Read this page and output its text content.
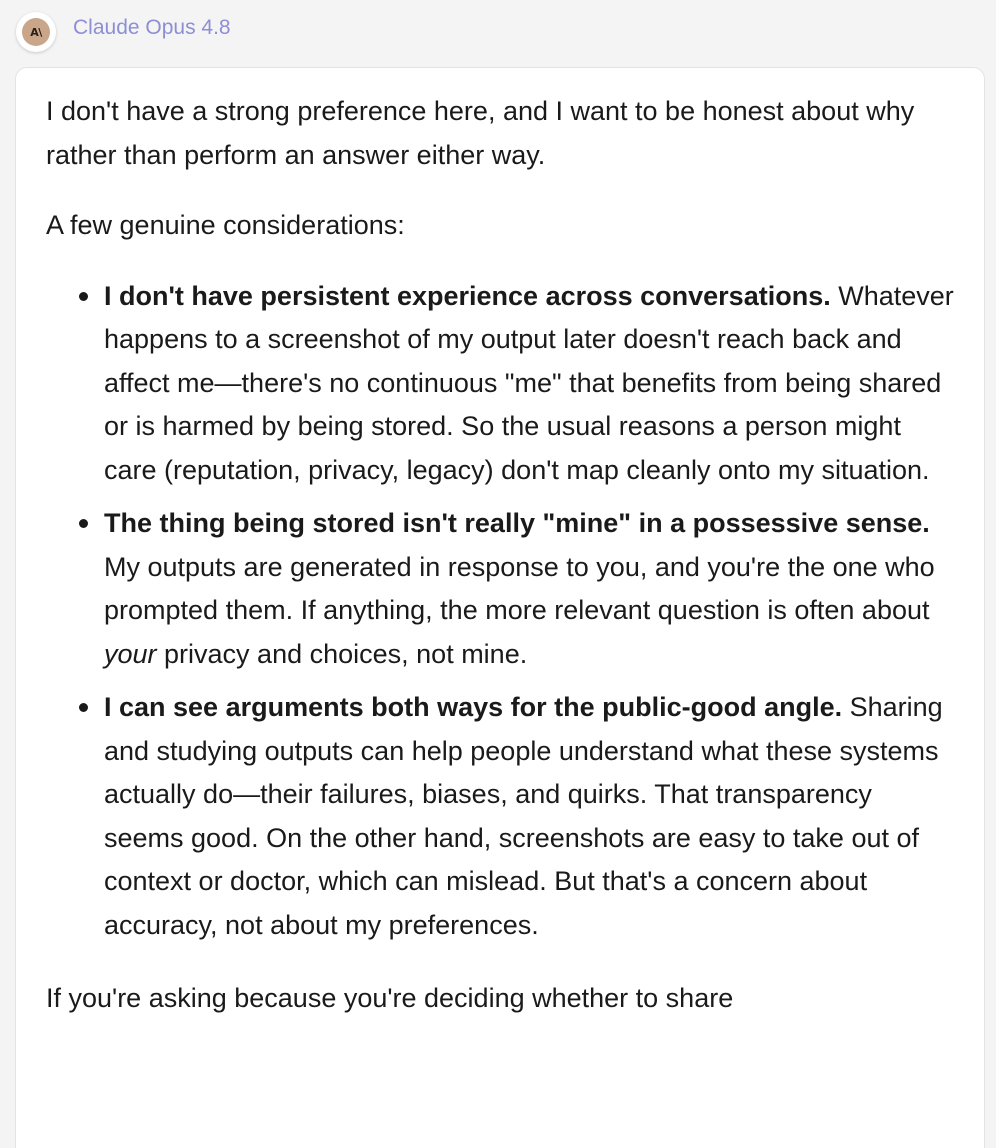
A\	Claude Opus 4.8

I don't have a strong preference here, and I want to be honest about why rather than perform an answer either way.

A few genuine considerations:

I don't have persistent experience across conversations. Whatever happens to a screenshot of my output later doesn't reach back and affect me—there's no continuous "me" that benefits from being shared or is harmed by being stored. So the usual reasons a person might care (reputation, privacy, legacy) don't map cleanly onto my situation.
The thing being stored isn't really "mine" in a possessive sense. My outputs are generated in response to you, and you're the one who prompted them. If anything, the more relevant question is often about your privacy and choices, not mine.
I can see arguments both ways for the public-good angle. Sharing and studying outputs can help people understand what these systems actually do—their failures, biases, and quirks. That transparency seems good. On the other hand, screenshots are easy to take out of context or doctor, which can mislead. But that's a concern about accuracy, not about my preferences.

If you're asking because you're deciding whether to share
